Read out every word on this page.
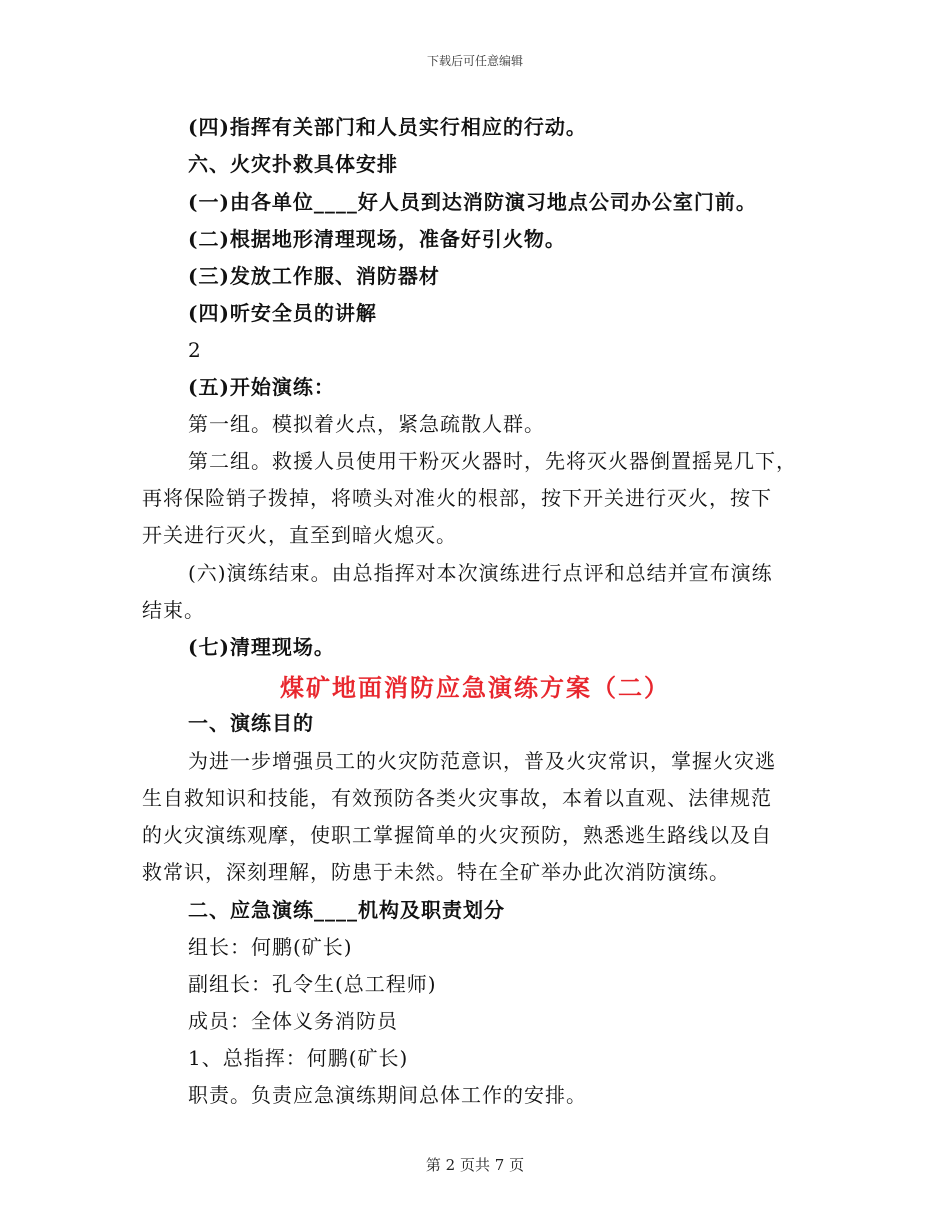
下载后可任意编辑
(四)指挥有关部门和人员实行相应的行动。
六、火灾扑救具体安排
(一)由各单位____好人员到达消防演习地点公司办公室门前。
(二)根据地形清理现场，准备好引火物。
(三)发放工作服、消防器材
(四)听安全员的讲解
2
(五)开始演练：
第一组。模拟着火点，紧急疏散人群。
第二组。救援人员使用干粉灭火器时，先将灭火器倒置摇晃几下，
再将保险销子拨掉，将喷头对准火的根部，按下开关进行灭火，按下
开关进行灭火，直至到暗火熄灭。
(六)演练结束。由总指挥对本次演练进行点评和总结并宣布演练
结束。
(七)清理现场。
煤矿地面消防应急演练方案（二）
一、演练目的
为进一步增强员工的火灾防范意识，普及火灾常识，掌握火灾逃
生自救知识和技能，有效预防各类火灾事故，本着以直观、法律规范
的火灾演练观摩，使职工掌握简单的火灾预防，熟悉逃生路线以及自
救常识，深刻理解，防患于未然。特在全矿举办此次消防演练。
二、应急演练____机构及职责划分
组长：何鹏(矿长)
副组长：孔令生(总工程师)
成员：全体义务消防员
1、总指挥：何鹏(矿长)
职责。负责应急演练期间总体工作的安排。
第 2 页共 7 页
